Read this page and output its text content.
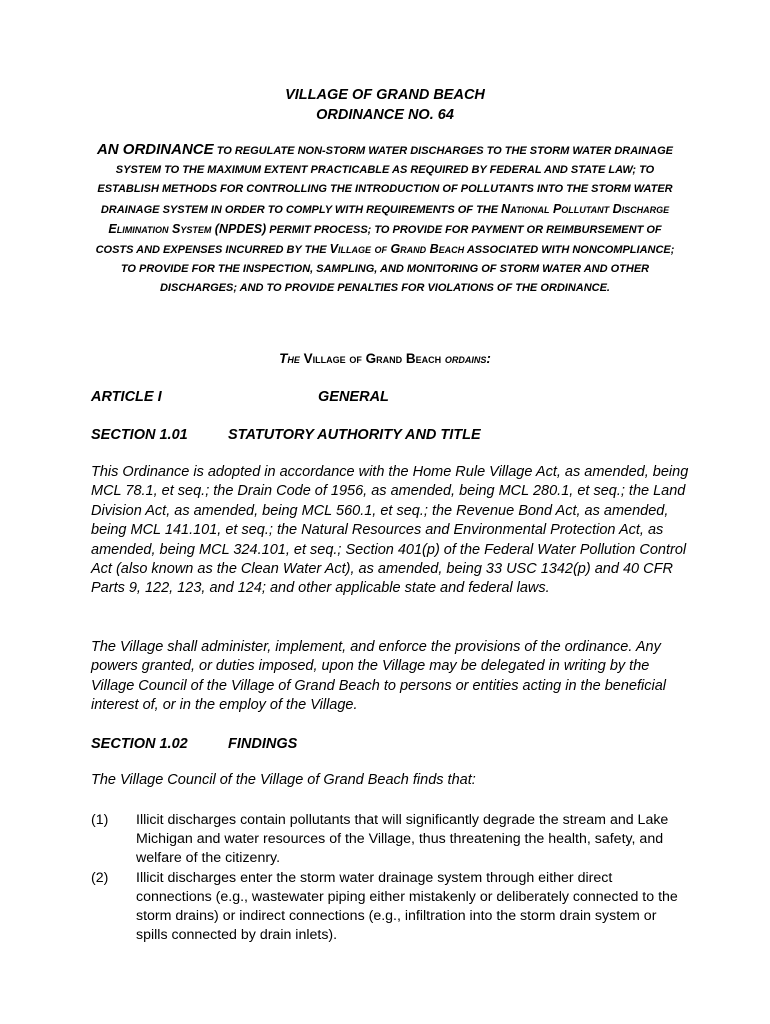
VILLAGE OF GRAND BEACH
ORDINANCE NO. 64
AN ORDINANCE TO REGULATE NON-STORM WATER DISCHARGES TO THE STORM WATER DRAINAGE SYSTEM TO THE MAXIMUM EXTENT PRACTICABLE AS REQUIRED BY FEDERAL AND STATE LAW; TO ESTABLISH METHODS FOR CONTROLLING THE INTRODUCTION OF POLLUTANTS INTO THE STORM WATER DRAINAGE SYSTEM IN ORDER TO COMPLY WITH REQUIREMENTS OF THE National Pollutant Discharge Elimination System (NPDES) PERMIT PROCESS; TO PROVIDE FOR PAYMENT OR REIMBURSEMENT OF COSTS AND EXPENSES INCURRED BY THE Village of Grand Beach ASSOCIATED WITH NONCOMPLIANCE; TO PROVIDE FOR THE INSPECTION, SAMPLING, AND MONITORING OF STORM WATER AND OTHER DISCHARGES; AND TO PROVIDE PENALTIES FOR VIOLATIONS OF THE ORDINANCE.
The Village of Grand Beach ordains:
ARTICLE I	GENERAL
SECTION 1.01	STATUTORY AUTHORITY AND TITLE
This Ordinance is adopted in accordance with the Home Rule Village Act, as amended, being MCL 78.1, et seq.; the Drain Code of 1956, as amended, being MCL 280.1, et seq.; the Land Division Act, as amended, being MCL 560.1, et seq.; the Revenue Bond Act, as amended, being MCL 141.101, et seq.; the Natural Resources and Environmental Protection Act, as amended, being MCL 324.101, et seq.; Section 401(p) of the Federal Water Pollution Control Act (also known as the Clean Water Act), as amended, being 33 USC 1342(p) and 40 CFR Parts 9, 122, 123, and 124; and other applicable state and federal laws.
The Village shall administer, implement, and enforce the provisions of the ordinance. Any powers granted, or duties imposed, upon the Village may be delegated in writing by the Village Council of the Village of Grand Beach to persons or entities acting in the beneficial interest of, or in the employ of the Village.
SECTION 1.02	FINDINGS
The Village Council of the Village of Grand Beach finds that:
(1)	Illicit discharges contain pollutants that will significantly degrade the stream and Lake Michigan and water resources of the Village, thus threatening the health, safety, and welfare of the citizenry.
(2)	Illicit discharges enter the storm water drainage system through either direct connections (e.g., wastewater piping either mistakenly or deliberately connected to the storm drains) or indirect connections (e.g., infiltration into the storm drain system or spills connected by drain inlets).
